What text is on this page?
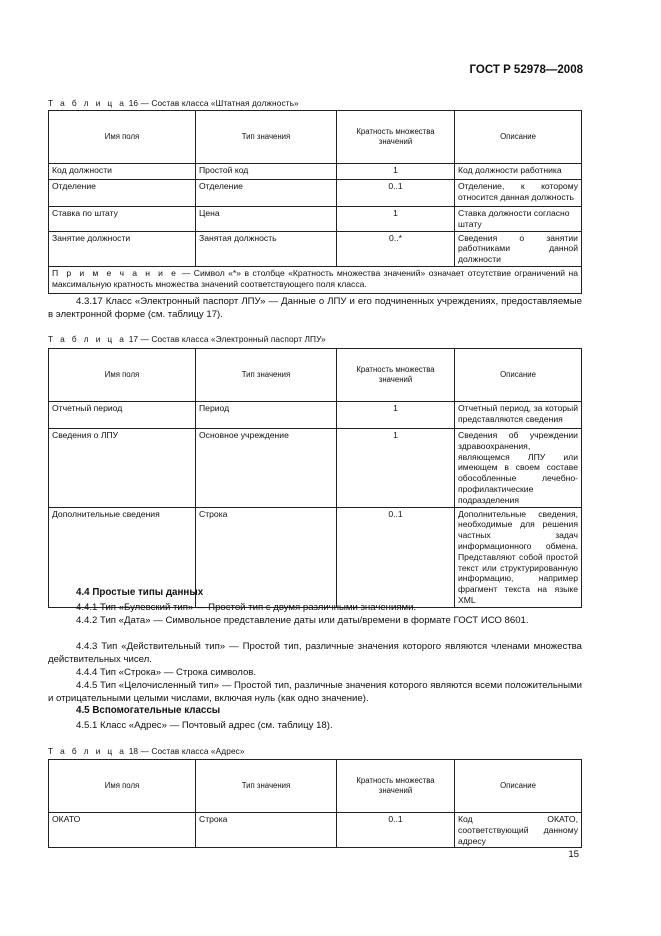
ГОСТ Р 52978—2008
Т а б л и ц а 16 — Состав класса «Штатная должность»
Имя поля	Тип значения	Кратность множества значений	Описание
Код должности	Простой код	1	Код должности работника
Отделение	Отделение	0..1	Отделение, к которому относится данная должность
Ставка по штату	Цена	1	Ставка должности согласно штату
Занятие должности	Занятая должность	0..*	Сведения о занятии работниками данной должности
П р и м е ч а н и е — Символ «*» в столбце «Кратность множества значений» означает отсутствие ограничений на максимальную кратность множества значений соответствующего поля класса.			
4.3.17 Класс «Электронный паспорт ЛПУ» — Данные о ЛПУ и его подчиненных учреждениях, предоставляемые в электронной форме (см. таблицу 17).
Т а б л и ц а 17 — Состав класса «Электронный паспорт ЛПУ»
Имя поля	Тип значения	Кратность множества значений	Описание
Отчетный период	Период	1	Отчетный период, за который представляются сведения
Сведения о ЛПУ	Основное учреждение	1	Сведения об учреждении здравоохранения, являющемся ЛПУ или имеющем в своем составе обособленные лечебно-профилактические подразделения
Дополнительные сведения	Строка	0..1	Дополнительные сведения, необходимые для решения частных задач информационного обмена. Представляют собой простой текст или структурированную информацию, например фрагмент текста на языке XML
4.4 Простые типы данных
4.4.1 Тип «Булевский тип» — Простой тип с двумя различными значениями.
4.4.2 Тип «Дата» — Символьное представление даты или даты/времени в формате ГОСТ ИСО 8601.
4.4.3 Тип «Действительный тип» — Простой тип, различные значения которого являются членами множества действительных чисел.
4.4.4 Тип «Строка» — Строка символов.
4.4.5 Тип «Целочисленный тип» — Простой тип, различные значения которого являются всеми положительными и отрицательными целыми числами, включая нуль (как одно значение).
4.5 Вспомогательные классы
4.5.1 Класс «Адрес» — Почтовый адрес (см. таблицу 18).
Т а б л и ц а 18 — Состав класса «Адрес»
Имя поля	Тип значения	Кратность множества значений	Описание
ОКАТО	Строка	0..1	Код ОКАТО, соответствующий данному адресу
15
